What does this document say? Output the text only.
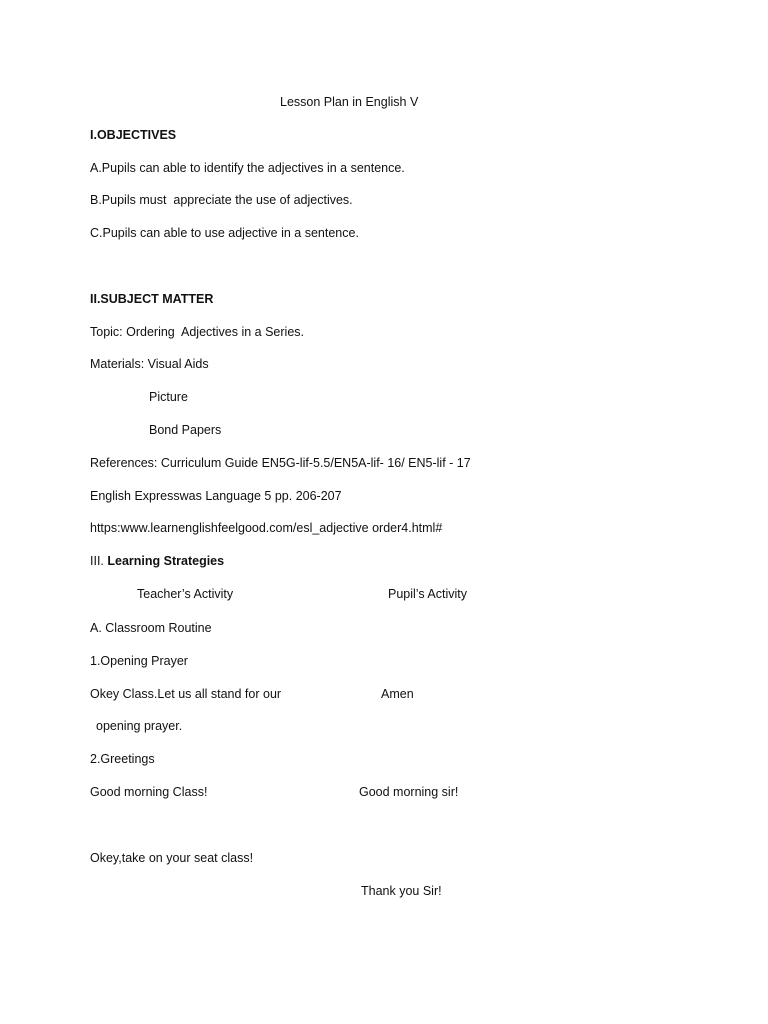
Lesson Plan in English V
I.OBJECTIVES
A.Pupils can able to identify the adjectives in a sentence.
B.Pupils must  appreciate the use of adjectives.
C.Pupils can able to use adjective in a sentence.
II.SUBJECT MATTER
Topic: Ordering  Adjectives in a Series.
Materials: Visual Aids
Picture
Bond Papers
References: Curriculum Guide EN5G-lif-5.5/EN5A-lif- 16/ EN5-lif - 17
English Expresswas Language 5 pp. 206-207
https:www.learnenglishfeelgood.com/esl_adjective order4.html#
III. Learning Strategies
Teacher’s Activity	Pupil’s Activity
A. Classroom Routine
1.Opening Prayer
Okey Class.Let us all stand for our	Amen
opening prayer.
2.Greetings
Good morning Class!	Good morning sir!
Okey,take on your seat class!
Thank you Sir!
